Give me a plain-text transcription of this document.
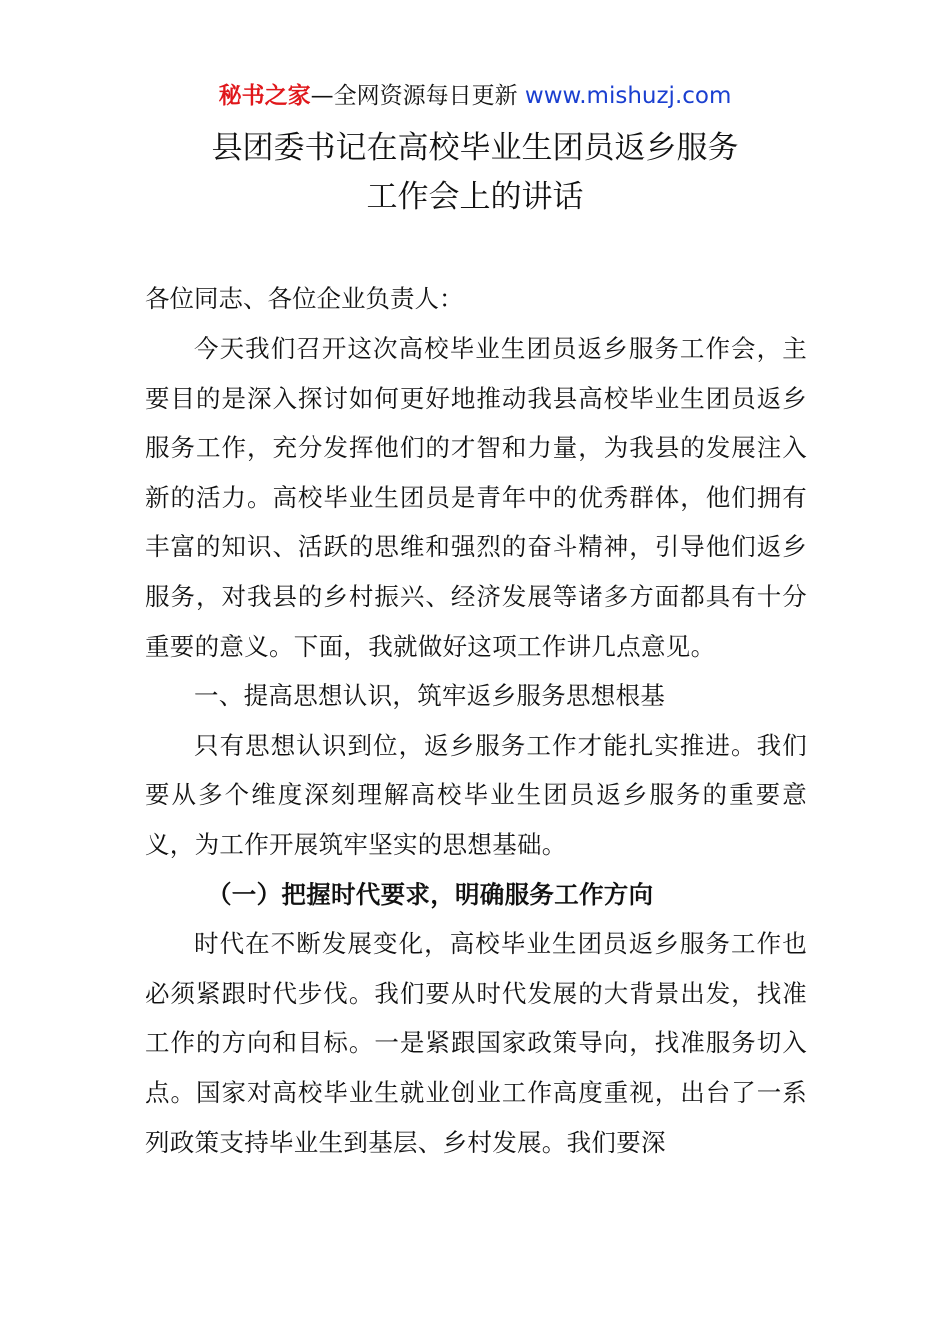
秘书之家—全网资源每日更新 www.mishuzj.com
县团委书记在高校毕业生团员返乡服务
工作会上的讲话
各位同志、各位企业负责人：

今天我们召开这次高校毕业生团员返乡服务工作会，主要目的是深入探讨如何更好地推动我县高校毕业生团员返乡服务工作，充分发挥他们的才智和力量，为我县的发展注入新的活力。高校毕业生团员是青年中的优秀群体，他们拥有丰富的知识、活跃的思维和强烈的奋斗精神，引导他们返乡服务，对我县的乡村振兴、经济发展等诸多方面都具有十分重要的意义。下面，我就做好这项工作讲几点意见。

一、提高思想认识，筑牢返乡服务思想根基

只有思想认识到位，返乡服务工作才能扎实推进。我们要从多个维度深刻理解高校毕业生团员返乡服务的重要意义，为工作开展筑牢坚实的思想基础。

（一）把握时代要求，明确服务工作方向

时代在不断发展变化，高校毕业生团员返乡服务工作也必须紧跟时代步伐。我们要从时代发展的大背景出发，找准工作的方向和目标。一是紧跟国家政策导向，找准服务切入点。国家对高校毕业生就业创业工作高度重视，出台了一系列政策支持毕业生到基层、乡村发展。我们要深
